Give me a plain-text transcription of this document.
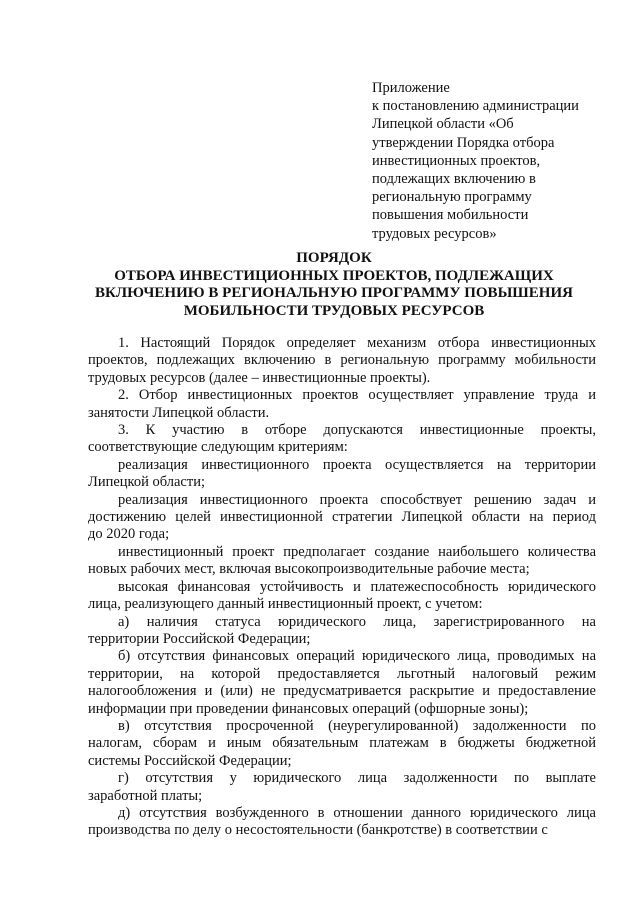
Приложение
к постановлению администрации
Липецкой области «Об
утверждении Порядка отбора
инвестиционных проектов,
подлежащих включению в
региональную программу
повышения мобильности
трудовых ресурсов»
ПОРЯДОК
ОТБОРА ИНВЕСТИЦИОННЫХ ПРОЕКТОВ, ПОДЛЕЖАЩИХ
ВКЛЮЧЕНИЮ В РЕГИОНАЛЬНУЮ ПРОГРАММУ ПОВЫШЕНИЯ
МОБИЛЬНОСТИ ТРУДОВЫХ РЕСУРСОВ
1. Настоящий Порядок определяет механизм отбора инвестиционных
проектов, подлежащих включению в региональную программу мобильности
трудовых ресурсов (далее – инвестиционные проекты).
2. Отбор инвестиционных проектов осуществляет управление труда и
занятости Липецкой области.
3. К участию в отборе допускаются инвестиционные проекты,
соответствующие следующим критериям:
реализация инвестиционного проекта осуществляется на территории
Липецкой области;
реализация инвестиционного проекта способствует решению задач и
достижению целей инвестиционной стратегии Липецкой области на период
до 2020 года;
инвестиционный проект предполагает создание наибольшего количества
новых рабочих мест, включая высокопроизводительные рабочие места;
высокая финансовая устойчивость и платежеспособность юридического
лица, реализующего данный инвестиционный проект, с учетом:
а) наличия статуса юридического лица, зарегистрированного на
территории Российской Федерации;
б) отсутствия финансовых операций юридического лица, проводимых на
территории, на которой предоставляется льготный налоговый режим
налогообложения и (или) не предусматривается раскрытие и предоставление
информации при проведении финансовых операций (офшорные зоны);
в) отсутствия просроченной (неурегулированной) задолженности по
налогам, сборам и иным обязательным платежам в бюджеты бюджетной
системы Российской Федерации;
г) отсутствия у юридического лица задолженности по выплате
заработной платы;
д) отсутствия возбужденного в отношении данного юридического лица
производства по делу о несостоятельности (банкротстве) в соответствии с
